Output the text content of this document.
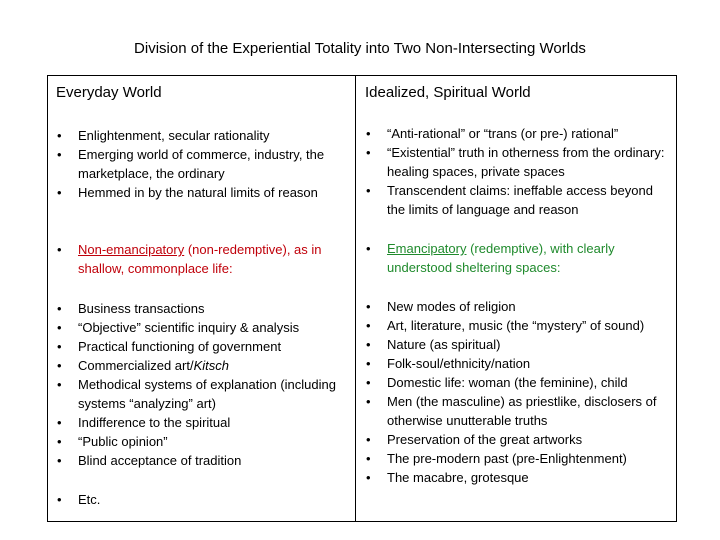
Division of the Experiential Totality into Two Non-Intersecting Worlds
Everyday World
• Enlightenment, secular rationality
• Emerging world of commerce, industry, the marketplace, the ordinary
• Hemmed in by the natural limits of reason
• Non-emancipatory (non-redemptive), as in shallow, commonplace life:
• Business transactions
• “Objective” scientific inquiry & analysis
• Practical functioning of government
• Commercialized art/Kitsch
• Methodical systems of explanation (including systems “analyzing” art)
• Indifference to the spiritual
• “Public opinion”
• Blind acceptance of tradition
• Etc.
Idealized, Spiritual World
• “Anti-rational” or “trans (or pre-) rational”
• “Existential” truth in otherness from the ordinary: healing spaces, private spaces
• Transcendent claims: ineffable access beyond the limits of language and reason
• Emancipatory (redemptive), with clearly understood sheltering spaces:
• New modes of religion
• Art, literature, music (the “mystery” of sound)
• Nature (as spiritual)
• Folk-soul/ethnicity/nation
• Domestic life: woman (the feminine), child
• Men (the masculine) as priestlike, disclosers of otherwise unutterable truths
• Preservation of the great artworks
• The pre-modern past (pre-Enlightenment)
• The macabre, grotesque
